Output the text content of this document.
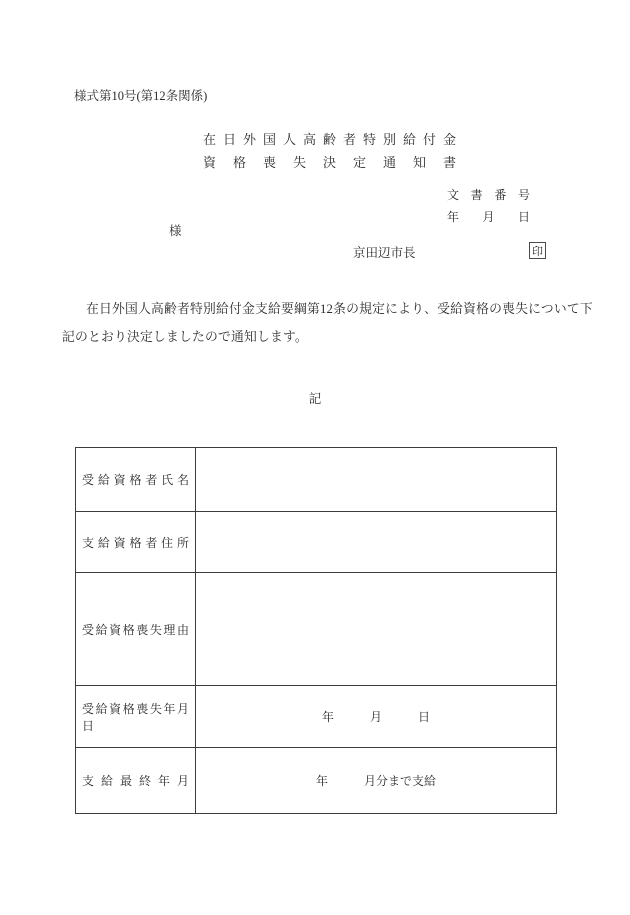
様式第10号(第12条関係)
在日外国人高齢者特別給付金
資格喪失決定通知書
文書番号
年　月　日
様
京田辺市長	印
在日外国人高齢者特別給付金支給要綱第12条の規定により、受給資格の喪失について下
記のとおり決定しましたので通知します。
記
受給資格者氏名
支給資格者住所
受給資格喪失理由
受給資格喪失年月日
年　　　月　　　日
支給最終年月	年　　　月分まで支給
